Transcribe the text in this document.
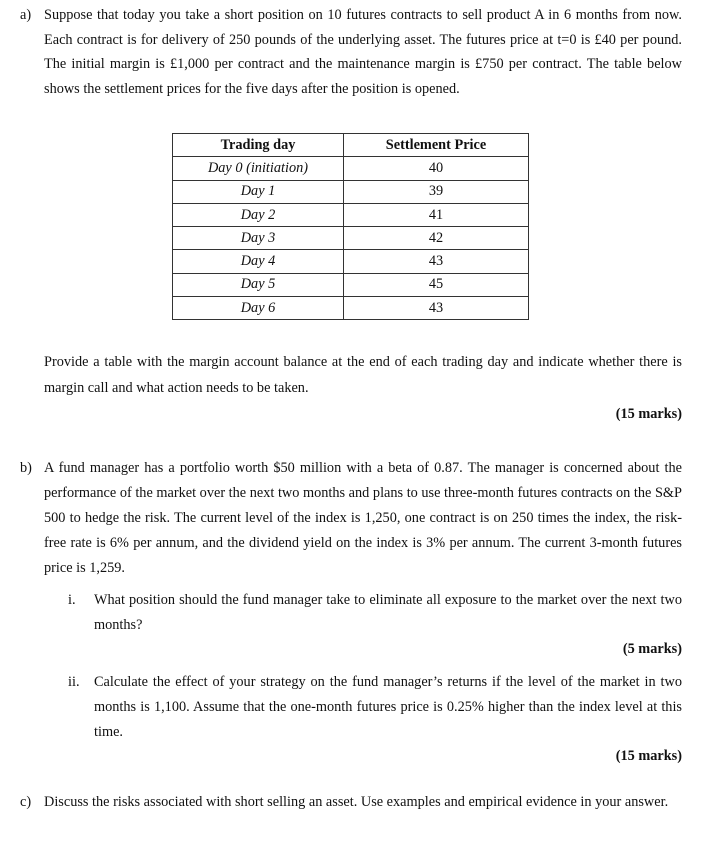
a) Suppose that today you take a short position on 10 futures contracts to sell product A in 6 months from now. Each contract is for delivery of 250 pounds of the underlying asset. The futures price at t=0 is £40 per pound. The initial margin is £1,000 per contract and the maintenance margin is £750 per contract. The table below shows the settlement prices for the five days after the position is opened.
Trading day	Settlement Price
Day 0 (initiation)	40
Day 1	39
Day 2	41
Day 3	42
Day 4	43
Day 5	45
Day 6	43
Provide a table with the margin account balance at the end of each trading day and indicate whether there is margin call and what action needs to be taken.
(15 marks)
b) A fund manager has a portfolio worth $50 million with a beta of 0.87. The manager is concerned about the performance of the market over the next two months and plans to use three-month futures contracts on the S&P 500 to hedge the risk. The current level of the index is 1,250, one contract is on 250 times the index, the risk-free rate is 6% per annum, and the dividend yield on the index is 3% per annum. The current 3-month futures price is 1,259.
i. What position should the fund manager take to eliminate all exposure to the market over the next two months?
(5 marks)
ii. Calculate the effect of your strategy on the fund manager’s returns if the level of the market in two months is 1,100. Assume that the one-month futures price is 0.25% higher than the index level at this time.
(15 marks)
c) Discuss the risks associated with short selling an asset. Use examples and empirical evidence in your answer.
